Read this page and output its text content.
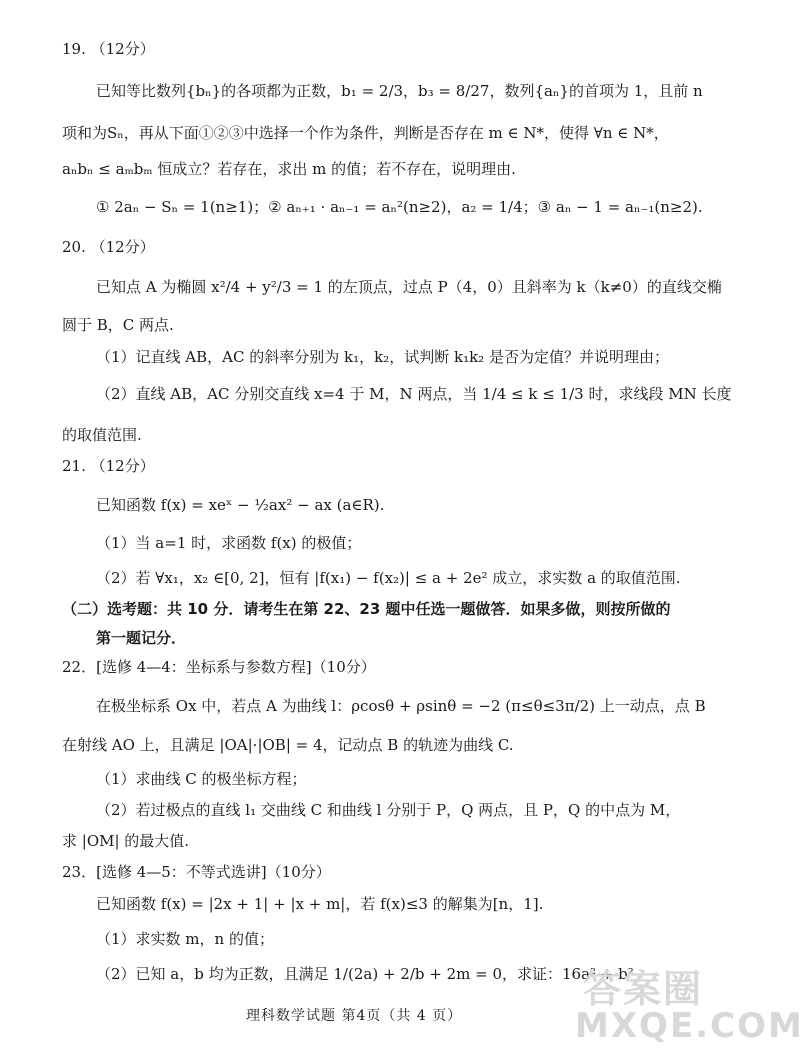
19. （12分）
已知等比数列{bₙ}的各项都为正数，b₁ = 2/3，b₃ = 8/27，数列{aₙ}的首项为 1，且前 n
项和为Sₙ，再从下面①②③中选择一个作为条件，判断是否存在 m ∈ N*，使得 ∀n ∈ N*，
aₙbₙ ≤ aₘbₘ 恒成立？若存在，求出 m 的值；若不存在，说明理由.
① 2aₙ − Sₙ = 1(n≥1)；② aₙ₊₁ · aₙ₋₁ = aₙ²(n≥2)，a₂ = 1/4；③ aₙ − 1 = aₙ₋₁(n≥2).
20. （12分）
已知点 A 为椭圆 x²/4 + y²/3 = 1 的左顶点，过点 P（4，0）且斜率为 k（k≠0）的直线交椭
圆于 B，C 两点.
（1）记直线 AB，AC 的斜率分别为 k₁，k₂，试判断 k₁k₂ 是否为定值？并说明理由；
（2）直线 AB，AC 分别交直线 x=4 于 M，N 两点，当 1/4 ≤ k ≤ 1/3 时，求线段 MN 长度
的取值范围.
21. （12分）
已知函数 f(x) = xeˣ − ½ax² − ax (a∈R).
（1）当 a=1 时，求函数 f(x) 的极值；
（2）若 ∀x₁，x₂ ∈[0, 2]，恒有 |f(x₁) − f(x₂)| ≤ a + 2e² 成立，求实数 a 的取值范围.
（二）选考题：共 10 分．请考生在第 22、23 题中任选一题做答．如果多做，则按所做的
第一题记分．
22．[选修 4—4：坐标系与参数方程]（10分）
在极坐标系 Ox 中，若点 A 为曲线 l：ρcosθ + ρsinθ = −2 (π≤θ≤3π/2) 上一动点，点 B
在射线 AO 上，且满足 |OA|·|OB| = 4，记动点 B 的轨迹为曲线 C.
（1）求曲线 C 的极坐标方程；
（2）若过极点的直线 l₁ 交曲线 C 和曲线 l 分别于 P，Q 两点，且 P，Q 的中点为 M，
求 |OM| 的最大值.
23．[选修 4—5：不等式选讲]（10分）
已知函数 f(x) = |2x + 1| + |x + m|，若 f(x)≤3 的解集为[n，1].
（1）求实数 m，n 的值；
（2）已知 a，b 均为正数，且满足 1/(2a) + 2/b + 2m = 0，求证：16a² + b²
理科数学试题 第4页（共 4 页）
答案圈
MXQE.COM
